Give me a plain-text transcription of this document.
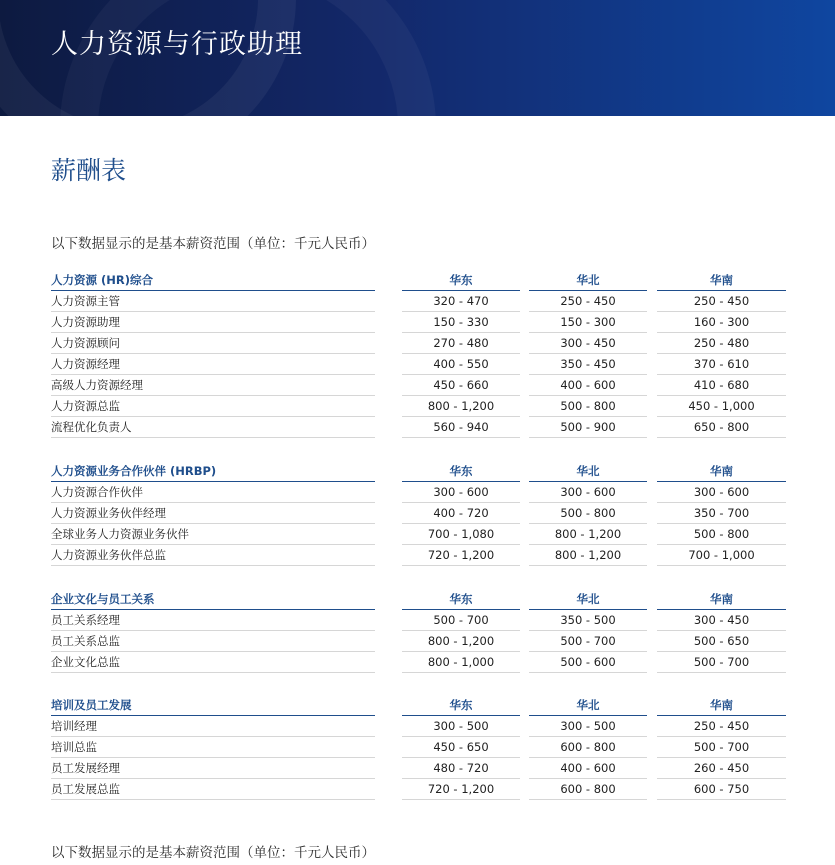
人力资源与行政助理
薪酬表

以下数据显示的是基本薪资范围（单位：千元人民币）

人力资源 (HR)综合	华东	华北	华南
人力资源主管	320 - 470	250 - 450	250 - 450
人力资源助理	150 - 330	150 - 300	160 - 300
人力资源顾问	270 - 480	300 - 450	250 - 480
人力资源经理	400 - 550	350 - 450	370 - 610
高级人力资源经理	450 - 660	400 - 600	410 - 680
人力资源总监	800 - 1,200	500 - 800	450 - 1,000
流程优化负责人	560 - 940	500 - 900	650 - 800
人力资源业务合作伙伴 (HRBP)	华东	华北	华南
人力资源合作伙伴	300 - 600	300 - 600	300 - 600
人力资源业务伙伴经理	400 - 720	500 - 800	350 - 700
全球业务人力资源业务伙伴	700 - 1,080	800 - 1,200	500 - 800
人力资源业务伙伴总监	720 - 1,200	800 - 1,200	700 - 1,000
企业文化与员工关系	华东	华北	华南
员工关系经理	500 - 700	350 - 500	300 - 450
员工关系总监	800 - 1,200	500 - 700	500 - 650
企业文化总监	800 - 1,000	500 - 600	500 - 700
培训及员工发展	华东	华北	华南
培训经理	300 - 500	300 - 500	250 - 450
培训总监	450 - 650	600 - 800	500 - 700
员工发展经理	480 - 720	400 - 600	260 - 450
员工发展总监	720 - 1,200	600 - 800	600 - 750

以下数据显示的是基本薪资范围（单位：千元人民币）
